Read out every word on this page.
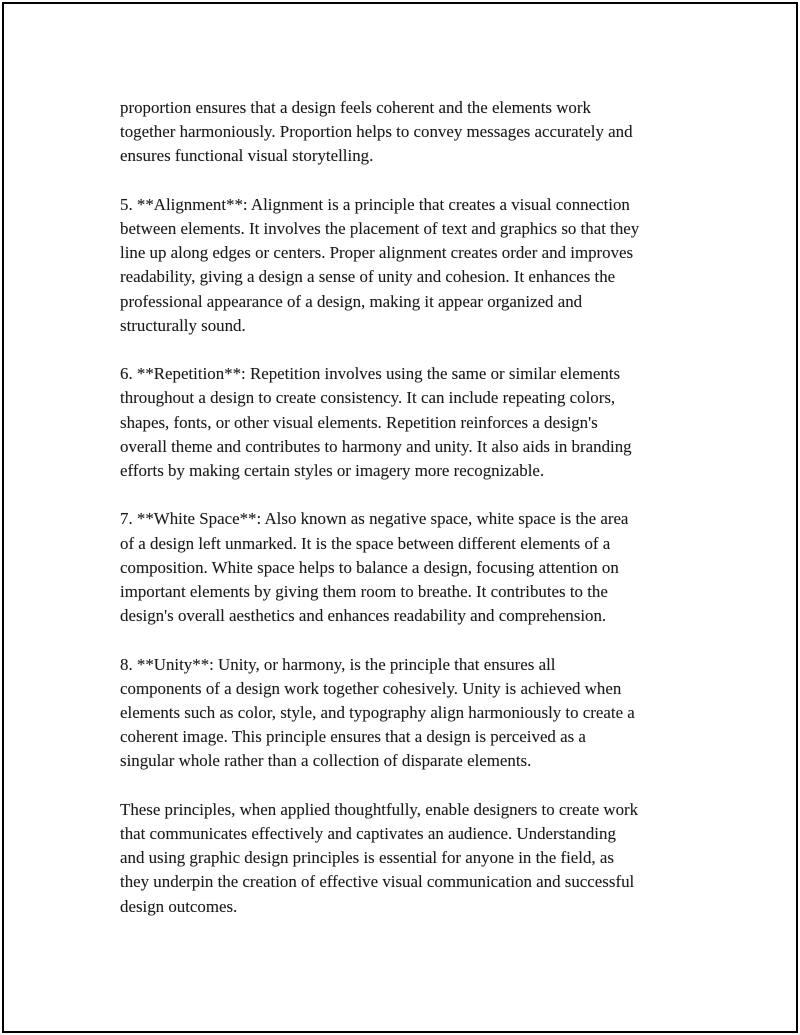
proportion ensures that a design feels coherent and the elements work
together harmoniously. Proportion helps to convey messages accurately and
ensures functional visual storytelling.

5. **Alignment**: Alignment is a principle that creates a visual connection
between elements. It involves the placement of text and graphics so that they
line up along edges or centers. Proper alignment creates order and improves
readability, giving a design a sense of unity and cohesion. It enhances the
professional appearance of a design, making it appear organized and
structurally sound.

6. **Repetition**: Repetition involves using the same or similar elements
throughout a design to create consistency. It can include repeating colors,
shapes, fonts, or other visual elements. Repetition reinforces a design's
overall theme and contributes to harmony and unity. It also aids in branding
efforts by making certain styles or imagery more recognizable.

7. **White Space**: Also known as negative space, white space is the area
of a design left unmarked. It is the space between different elements of a
composition. White space helps to balance a design, focusing attention on
important elements by giving them room to breathe. It contributes to the
design's overall aesthetics and enhances readability and comprehension.

8. **Unity**: Unity, or harmony, is the principle that ensures all
components of a design work together cohesively. Unity is achieved when
elements such as color, style, and typography align harmoniously to create a
coherent image. This principle ensures that a design is perceived as a
singular whole rather than a collection of disparate elements.

These principles, when applied thoughtfully, enable designers to create work
that communicates effectively and captivates an audience. Understanding
and using graphic design principles is essential for anyone in the field, as
they underpin the creation of effective visual communication and successful
design outcomes.
